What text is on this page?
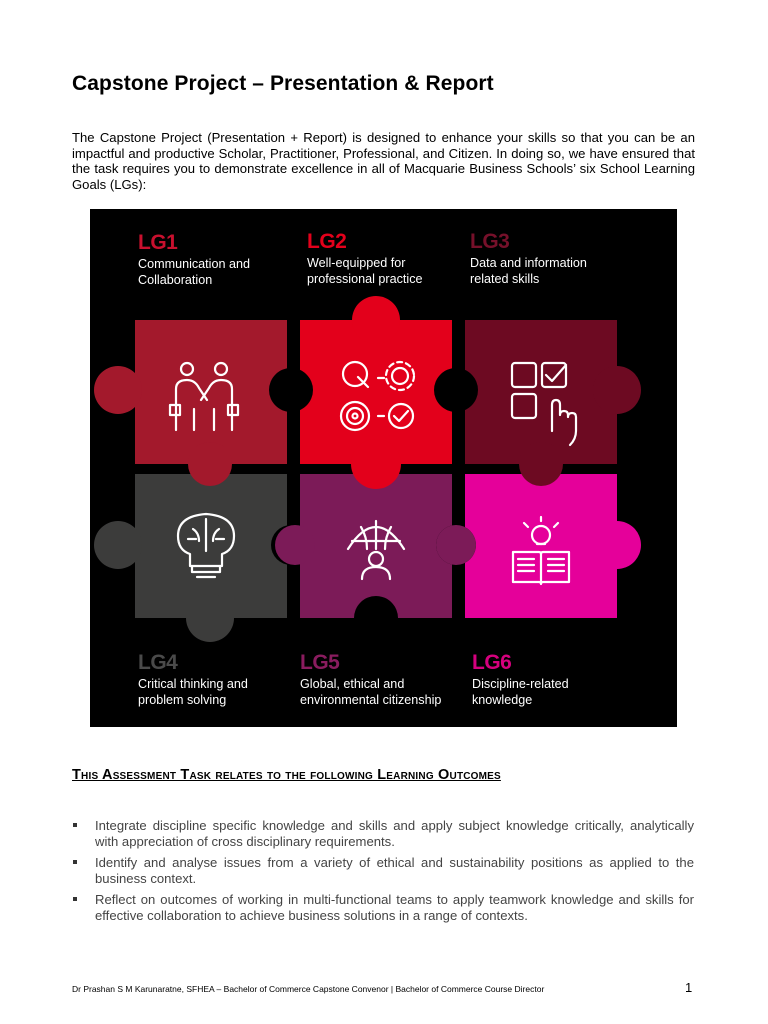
Capstone Project – Presentation & Report

The Capstone Project (Presentation + Report) is designed to enhance your skills so that you can be an impactful and productive Scholar, Practitioner, Professional, and Citizen. In doing so, we have ensured that the task requires you to demonstrate excellence in all of Macquarie Business Schools’ six School Learning Goals (LGs):

LG1
Communication and
Collaboration
LG2
Well-equipped for
professional practice
LG3
Data and information
related skills
LG4
Critical thinking and
problem solving
LG5
Global, ethical and
environmental citizenship
LG6
Discipline-related
knowledge
This Assessment Task relates to the following Learning Outcomes
Integrate discipline specific knowledge and skills and apply subject knowledge critically, analytically with appreciation of cross disciplinary requirements.
Identify and analyse issues from a variety of ethical and sustainability positions as applied to the business context.
Reflect on outcomes of working in multi-functional teams to apply teamwork knowledge and skills for effective collaboration to achieve business solutions in a range of contexts.
Dr Prashan S M Karunaratne, SFHEA – Bachelor of Commerce Capstone Convenor | Bachelor of Commerce Course Director	1
